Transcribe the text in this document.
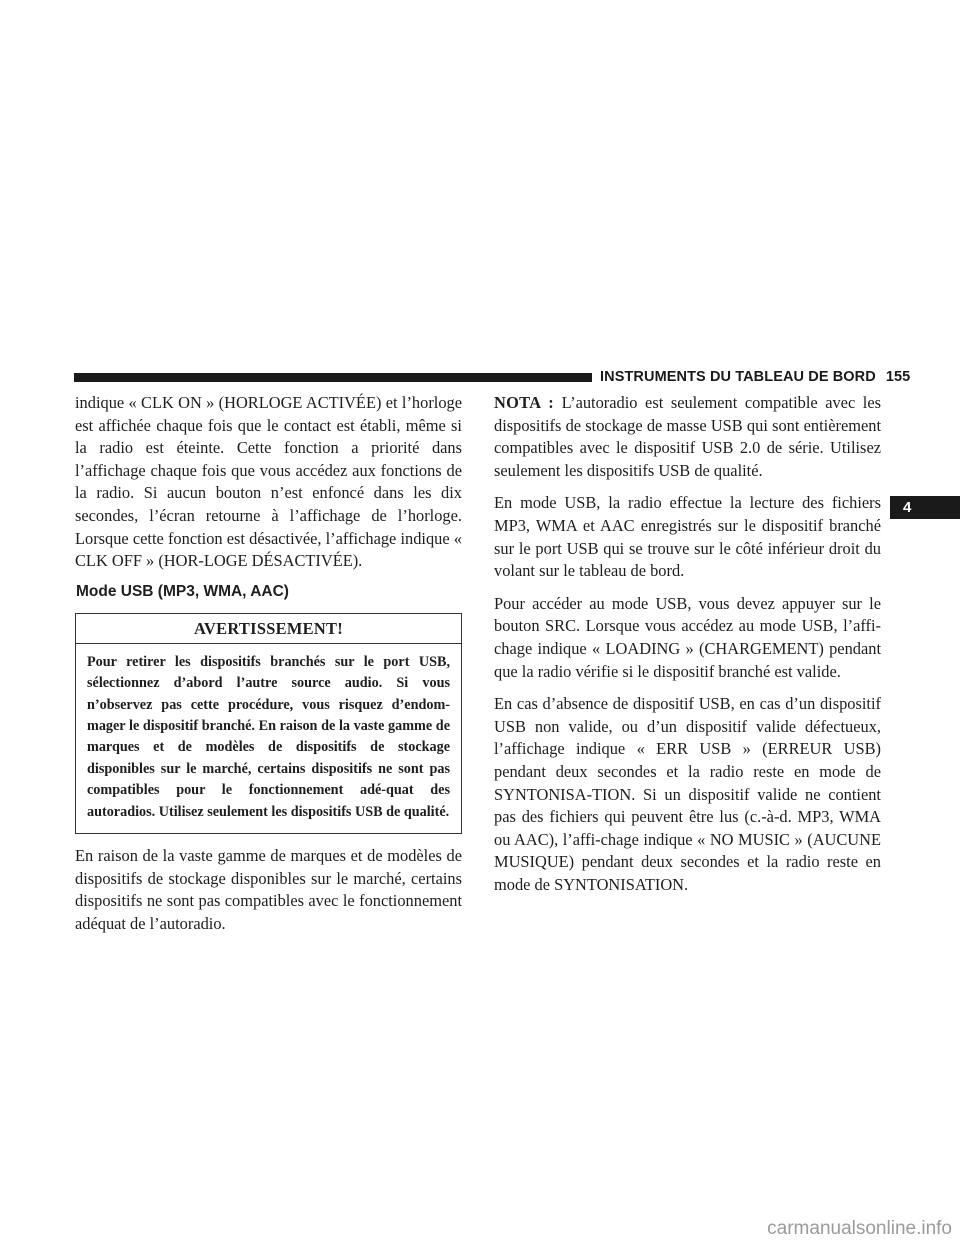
INSTRUMENTS DU TABLEAU DE BORD 155

indique « CLK ON » (HORLOGE ACTIVÉE) et l’horloge est affichée chaque fois que le contact est établi, même si la radio est éteinte. Cette fonction a priorité dans l’affichage chaque fois que vous accédez aux fonctions de la radio. Si aucun bouton n’est enfoncé dans les dix secondes, l’écran retourne à l’affichage de l’horloge. Lorsque cette fonction est désactivée, l’affichage indique « CLK OFF » (HOR-LOGE DÉSACTIVÉE).

Mode USB (MP3, WMA, AAC)
AVERTISSEMENT!
Pour retirer les dispositifs branchés sur le port USB, sélectionnez d’abord l’autre source audio. Si vous n’observez pas cette procédure, vous risquez d’endom-mager le dispositif branché. En raison de la vaste gamme de marques et de modèles de dispositifs de stockage disponibles sur le marché, certains dispositifs ne sont pas compatibles pour le fonctionnement adé-quat des autoradios. Utilisez seulement les dispositifs USB de qualité.

En raison de la vaste gamme de marques et de modèles de dispositifs de stockage disponibles sur le marché, certains dispositifs ne sont pas compatibles avec le fonctionnement adéquat de l’autoradio.

NOTA : L’autoradio est seulement compatible avec les dispositifs de stockage de masse USB qui sont entièrement compatibles avec le dispositif USB 2.0 de série. Utilisez seulement les dispositifs USB de qualité.

En mode USB, la radio effectue la lecture des fichiers MP3, WMA et AAC enregistrés sur le dispositif branché sur le port USB qui se trouve sur le côté inférieur droit du volant sur le tableau de bord.

Pour accéder au mode USB, vous devez appuyer sur le bouton SRC. Lorsque vous accédez au mode USB, l’affi-chage indique « LOADING » (CHARGEMENT) pendant que la radio vérifie si le dispositif branché est valide.

En cas d’absence de dispositif USB, en cas d’un dispositif USB non valide, ou d’un dispositif valide défectueux, l’affichage indique « ERR USB » (ERREUR USB) pendant deux secondes et la radio reste en mode de SYNTONISA-TION. Si un dispositif valide ne contient pas des fichiers qui peuvent être lus (c.-à-d. MP3, WMA ou AAC), l’affi-chage indique « NO MUSIC » (AUCUNE MUSIQUE) pendant deux secondes et la radio reste en mode de SYNTONISATION.

4
carmanualsonline.info
